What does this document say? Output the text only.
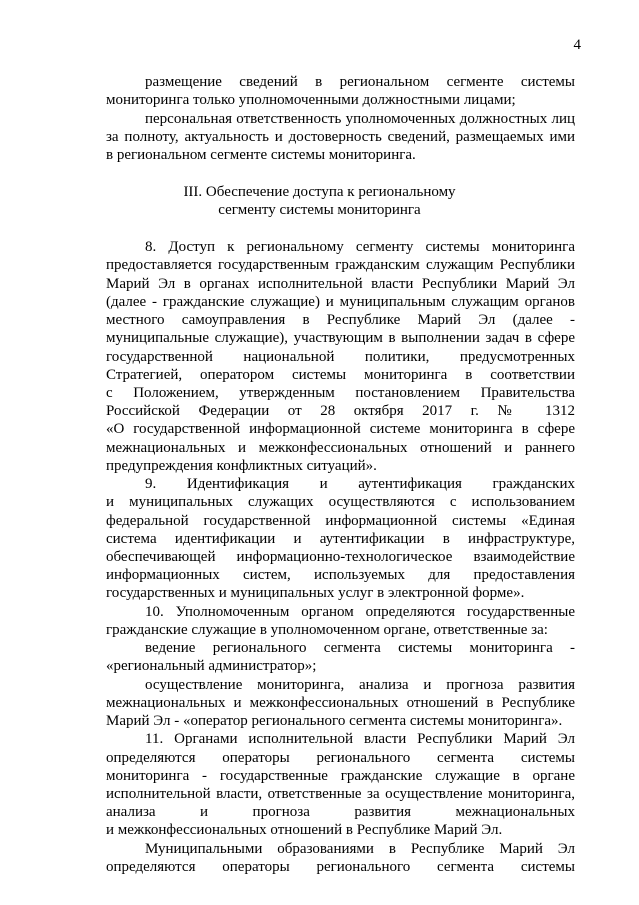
4
размещение сведений в региональном сегменте системы
мониторинга только уполномоченными должностными лицами;
персональная ответственность уполномоченных должностных лиц
за полноту, актуальность и достоверность сведений, размещаемых ими
в региональном сегменте системы мониторинга.
III. Обеспечение доступа к региональному
сегменту системы мониторинга
8. Доступ к региональному сегменту системы мониторинга
предоставляется государственным гражданским служащим Республики
Марий Эл в органах исполнительной власти Республики Марий Эл
(далее - гражданские служащие) и муниципальным служащим органов
местного самоуправления в Республике Марий Эл (далее -
муниципальные служащие), участвующим в выполнении задач в сфере
государственной национальной политики, предусмотренных
Стратегией, оператором системы мониторинга в соответствии
с Положением, утвержденным постановлением Правительства
Российской Федерации от 28 октября 2017 г. № 1312
«О государственной информационной системе мониторинга в сфере
межнациональных и межконфессиональных отношений и раннего
предупреждения конфликтных ситуаций».
9. Идентификация и аутентификация гражданских
и муниципальных служащих осуществляются с использованием
федеральной государственной информационной системы «Единая
система идентификации и аутентификации в инфраструктуре,
обеспечивающей информационно-технологическое взаимодействие
информационных систем, используемых для предоставления
государственных и муниципальных услуг в электронной форме».
10. Уполномоченным органом определяются государственные
гражданские служащие в уполномоченном органе, ответственные за:
ведение регионального сегмента системы мониторинга -
«региональный администратор»;
осуществление мониторинга, анализа и прогноза развития
межнациональных и межконфессиональных отношений в Республике
Марий Эл - «оператор регионального сегмента системы мониторинга».
11. Органами исполнительной власти Республики Марий Эл
определяются операторы регионального сегмента системы
мониторинга - государственные гражданские служащие в органе
исполнительной власти, ответственные за осуществление мониторинга,
анализа и прогноза развития межнациональных
и межконфессиональных отношений в Республике Марий Эл.
Муниципальными образованиями в Республике Марий Эл
определяются операторы регионального сегмента системы
